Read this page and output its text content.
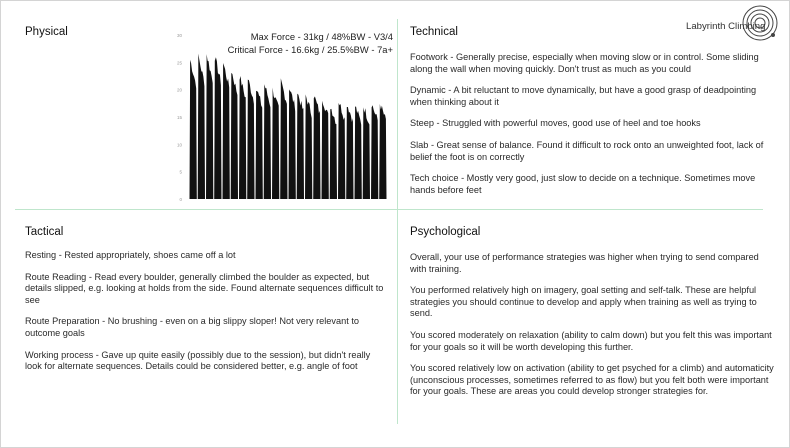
Physical	30
25
20
15
10
5
0
Max Force - 31kg / 48%BW - V3/4
Critical Force - 16.6kg / 25.5%BW - 7a+
Technical

Footwork - Generally precise, especially when moving slow or in control. Some sliding along the wall when moving quickly. Don't trust as much as you could

Dynamic - A bit reluctant to move dynamically, but have a good grasp of deadpointing when thinking about it

Steep - Struggled with powerful moves, good use of heel and toe hooks

Slab - Great sense of balance. Found it difficult to rock onto an unweighted foot, lack of belief the foot is on correctly

Tech choice - Mostly very good, just slow to decide on a technique. Sometimes move hands before feet

Labyrinth Climbing
Tactical

Resting - Rested appropriately, shoes came off a lot

Route Reading - Read every boulder, generally climbed the boulder as expected, but details slipped, e.g. looking at holds from the side. Found alternate sequences difficult to see

Route Preparation - No brushing - even on a big slippy sloper! Not very relevant to outcome goals

Working process - Gave up quite easily (possibly due to the session), but didn't really look for alternate sequences. Details could be considered better, e.g. angle of foot

Psychological

Overall, your use of performance strategies was higher when trying to send compared with training.

You performed relatively high on imagery, goal setting and self-talk. These are helpful strategies you should continue to develop and apply when training as well as trying to send.

You scored moderately on relaxation (ability to calm down) but you felt this was important for your goals so it will be worth developing this further.

You scored relatively low on activation (ability to get psyched for a climb) and automaticity (unconscious processes, sometimes referred to as flow) but you felt both were important for your goals. These are areas you could develop stronger strategies for.
